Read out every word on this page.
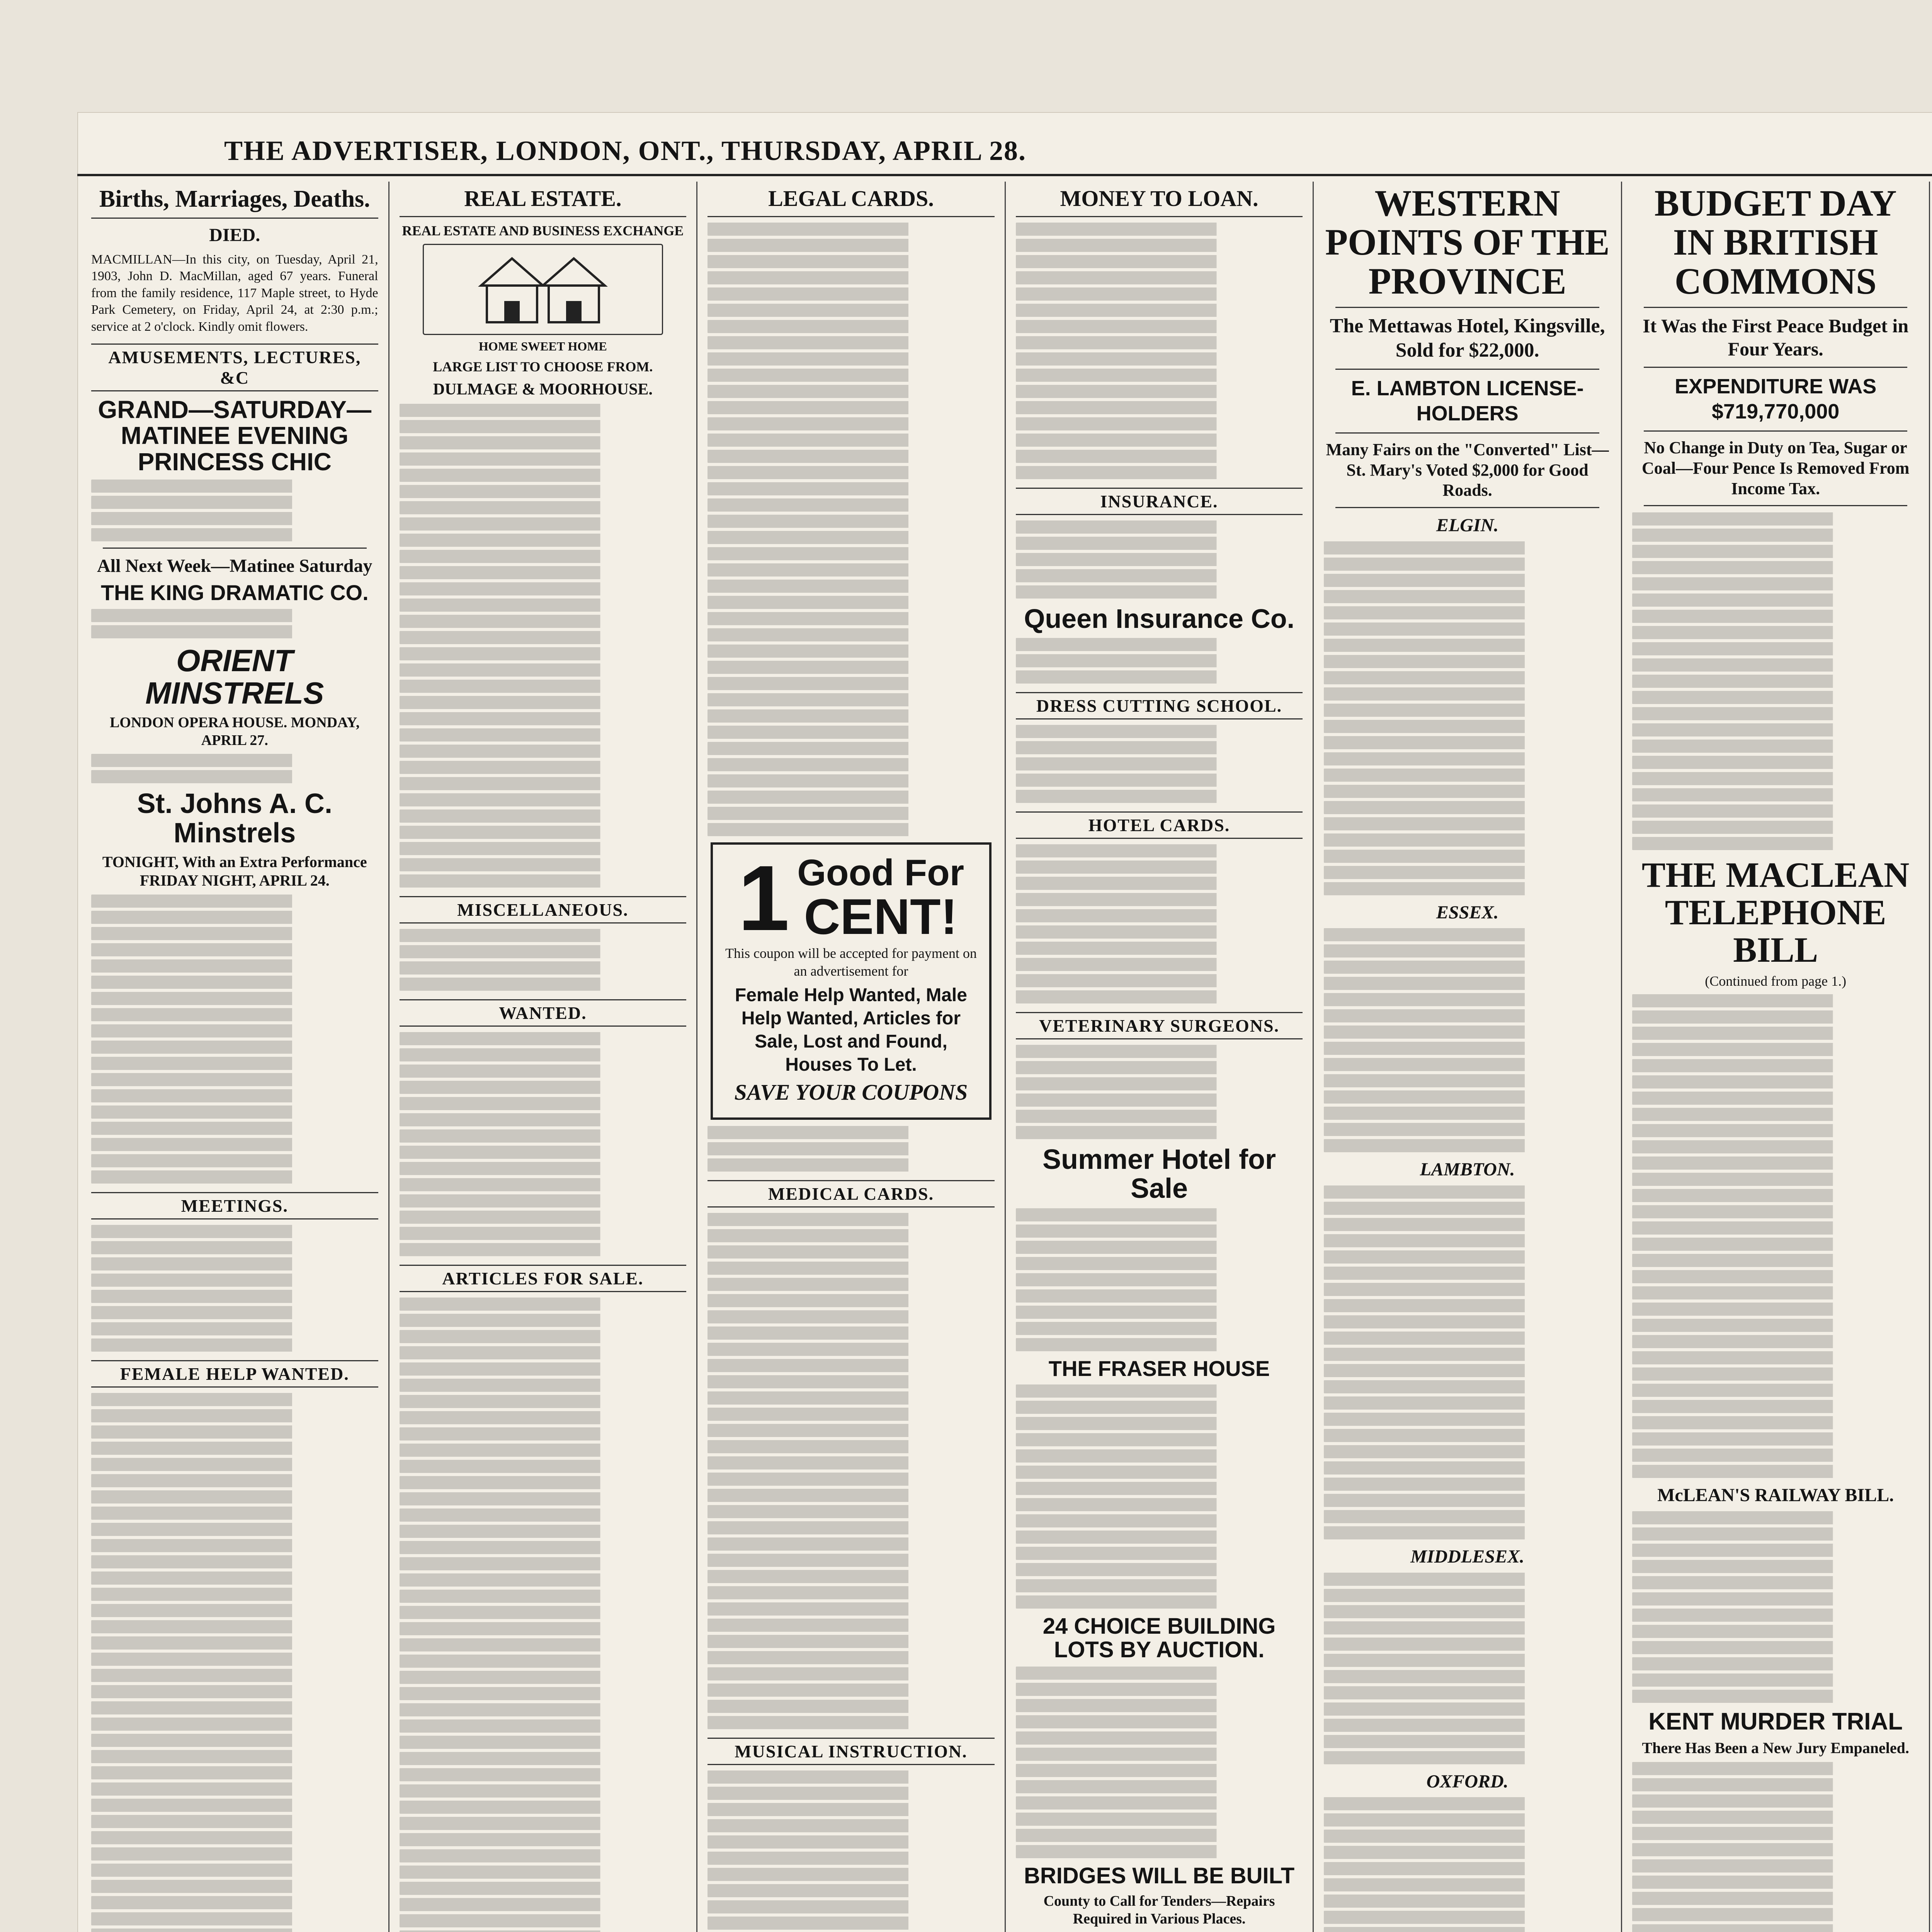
THE ADVERTISER, LONDON, ONT., THURSDAY, APRIL 28.
Births, Marriages, Deaths.
DIED.

MACMILLAN—In this city, on Tuesday, April 21, 1903, John D. MacMillan, aged 67 years. Funeral from the family residence, 117 Maple street, to Hyde Park Cemetery, on Friday, April 24, at 2:30 p.m.; service at 2 o'clock. Kindly omit flowers.

AMUSEMENTS, LECTURES, &C
GRAND—SATURDAY—MATINEE EVENING PRINCESS CHIC
All Next Week—Matinee Saturday
THE KING DRAMATIC CO.
ORIENT MINSTRELS
LONDON OPERA HOUSE. MONDAY, APRIL 27.
St. Johns A. C. Minstrels
TONIGHT, With an Extra Performance FRIDAY NIGHT, APRIL 24.
MEETINGS.
FEMALE HELP WANTED.

REAL ESTATE.
REAL ESTATE AND BUSINESS EXCHANGE
HOME SWEET HOME
LARGE LIST TO CHOOSE FROM.
DULMAGE & MOORHOUSE.
MISCELLANEOUS.
WANTED.
ARTICLES FOR SALE.
LEGAL CARDS.
1 Good For
CENT!

This coupon will be accepted for payment on an advertisement for

Female Help Wanted, Male Help Wanted, Articles for Sale, Lost and Found, Houses To Let.
SAVE YOUR COUPONS
MEDICAL CARDS.
MUSICAL INSTRUCTION.
MONEY TO LOAN.
INSURANCE.
Queen Insurance Co.
DRESS CUTTING SCHOOL.
HOTEL CARDS.
VETERINARY SURGEONS.
Summer Hotel for Sale
THE FRASER HOUSE
24 CHOICE BUILDING LOTS BY AUCTION.
BRIDGES WILL BE BUILT
County to Call for Tenders—Repairs Required in Various Places.
WESTERN POINTS OF THE PROVINCE
The Mettawas Hotel, Kingsville, Sold for $22,000.
E. LAMBTON LICENSE-HOLDERS
Many Fairs on the "Converted" List—St. Mary's Voted $2,000 for Good Roads.
ELGIN.
ESSEX.
LAMBTON.
MIDDLESEX.
OXFORD.
BUDGET DAY IN BRITISH COMMONS
It Was the First Peace Budget in Four Years.
EXPENDITURE WAS $719,770,000
No Change in Duty on Tea, Sugar or Coal—Four Pence Is Removed From Income Tax.
THE MACLEAN TELEPHONE BILL
(Continued from page 1.)
McLEAN'S RAILWAY BILL.
KENT MURDER TRIAL
There Has Been a New Jury Empaneled.
